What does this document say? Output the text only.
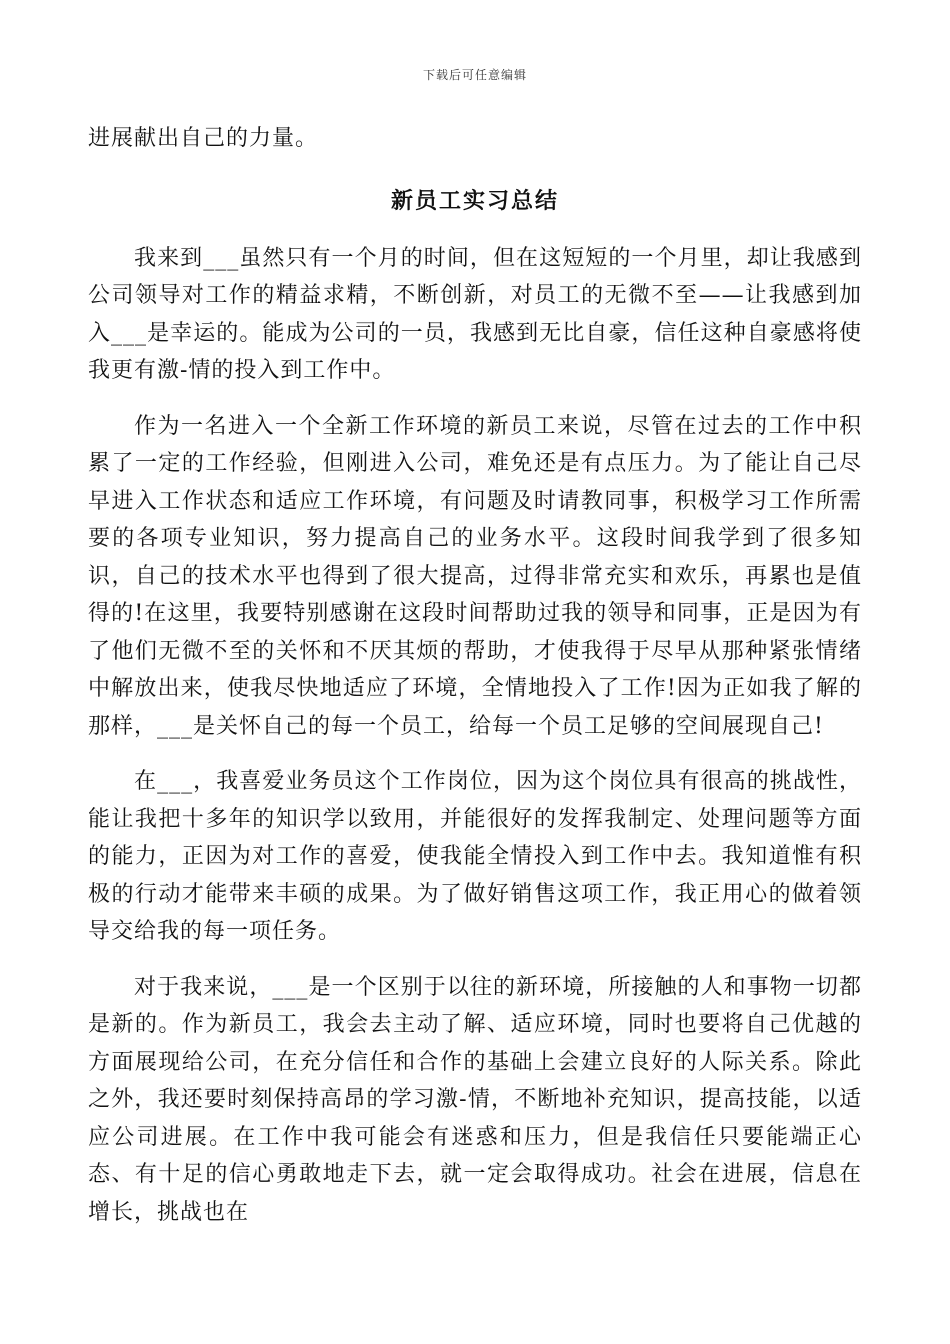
下载后可任意编辑

进展献出自己的力量。

新员工实习总结

我来到___虽然只有一个月的时间，但在这短短的一个月里，却让我感到公司领导对工作的精益求精，不断创新，对员工的无微不至——让我感到加入___是幸运的。能成为公司的一员，我感到无比自豪，信任这种自豪感将使我更有激-情的投入到工作中。

作为一名进入一个全新工作环境的新员工来说，尽管在过去的工作中积累了一定的工作经验，但刚进入公司，难免还是有点压力。为了能让自己尽早进入工作状态和适应工作环境，有问题及时请教同事，积极学习工作所需要的各项专业知识，努力提高自己的业务水平。这段时间我学到了很多知识，自己的技术水平也得到了很大提高，过得非常充实和欢乐，再累也是值得的!在这里，我要特别感谢在这段时间帮助过我的领导和同事，正是因为有了他们无微不至的关怀和不厌其烦的帮助，才使我得于尽早从那种紧张情绪中解放出来，使我尽快地适应了环境，全情地投入了工作!因为正如我了解的那样，___是关怀自己的每一个员工，给每一个员工足够的空间展现自己!

在___，我喜爱业务员这个工作岗位，因为这个岗位具有很高的挑战性，能让我把十多年的知识学以致用，并能很好的发挥我制定、处理问题等方面的能力，正因为对工作的喜爱，使我能全情投入到工作中去。我知道惟有积极的行动才能带来丰硕的成果。为了做好销售这项工作，我正用心的做着领导交给我的每一项任务。

对于我来说，___是一个区别于以往的新环境，所接触的人和事物一切都是新的。作为新员工，我会去主动了解、适应环境，同时也要将自己优越的方面展现给公司，在充分信任和合作的基础上会建立良好的人际关系。除此之外，我还要时刻保持高昂的学习激-情，不断地补充知识，提高技能，以适应公司进展。在工作中我可能会有迷惑和压力，但是我信任只要能端正心态、有十足的信心勇敢地走下去，就一定会取得成功。社会在进展，信息在增长，挑战也在
